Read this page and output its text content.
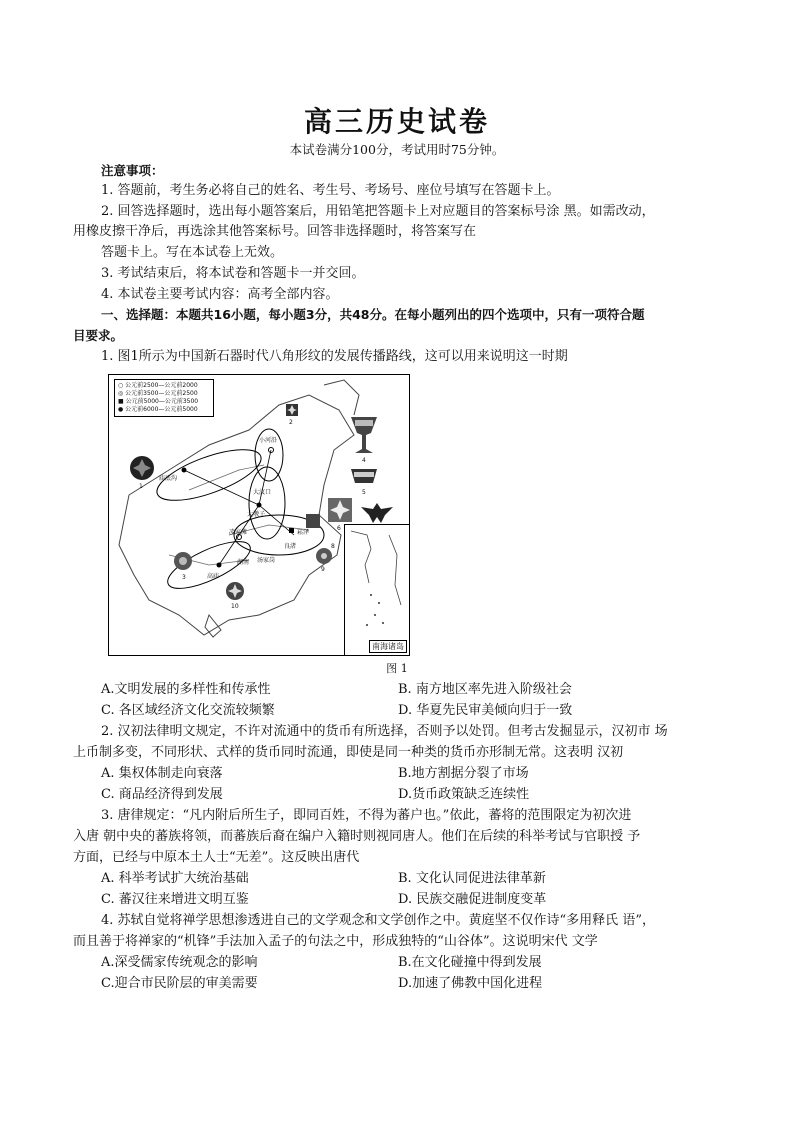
高三历史试卷
本试卷满分100分，考试用时75分钟。
注意事项：
1. 答题前，考生务必将自己的姓名、考生号、考场号、座位号填写在答题卡上。
2. 回答选择题时，选出每小题答案后，用铅笔把答题卡上对应题目的答案标号涂 黑。如需改动，
用橡皮擦干净后，再选涂其他答案标号。回答非选择题时，将答案写在
答题卡上。写在本试卷上无效。
3. 考试结束后，将本试卷和答题卡一并交回。
4. 本试卷主要考试内容：高考全部内容。
一、选择题：本题共16小题，每小题3分，共48分。在每小题列出的四个选项中，只有一项符合题
目要求。
1. 图1所示为中国新石器时代八角形纹的发展传播路线，这可以用来说明这一时期
○ 公元前2500—公元前2000
◎ 公元前3500—公元前2500
■ 公元前5000—公元前3500
● 公元前6000—公元前5000
小河沿
大汶口
大墩子
凌家滩	崧泽
良渚
湖南
高庙
汤家岗
庙底沟
1
2
3
4
5
6
8
9
10
南海诸岛
图 1
A.文明发展的多样性和传承性	B. 南方地区率先进入阶级社会
C. 各区域经济文化交流较频繁	D. 华夏先民审美倾向归于一致
2. 汉初法律明文规定，不许对流通中的货币有所选择，否则予以处罚。但考古发掘显示，汉初市 场
上币制多变，不同形状、式样的货币同时流通，即使是同一种类的货币亦形制无常。这表明 汉初
A. 集权体制走向衰落	B.地方割据分裂了市场
C. 商品经济得到发展	D.货币政策缺乏连续性
3. 唐律规定：“凡内附后所生子，即同百姓，不得为蕃户也。”依此，蕃将的范围限定为初次进
入唐 朝中央的蕃族将领，而蕃族后裔在编户入籍时则视同唐人。他们在后续的科举考试与官职授 予
方面，已经与中原本土人士“无差”。这反映出唐代
A. 科举考试扩大统治基础	B. 文化认同促进法律革新
C. 蕃汉往来增进文明互鉴	D. 民族交融促进制度变革
4. 苏轼自觉将禅学思想渗透进自己的文学观念和文学创作之中。黄庭坚不仅作诗“多用释氏 语”，
而且善于将禅家的“机锋”手法加入孟子的句法之中，形成独特的“山谷体”。这说明宋代 文学
A.深受儒家传统观念的影响	B.在文化碰撞中得到发展
C.迎合市民阶层的审美需要	D.加速了佛教中国化进程
